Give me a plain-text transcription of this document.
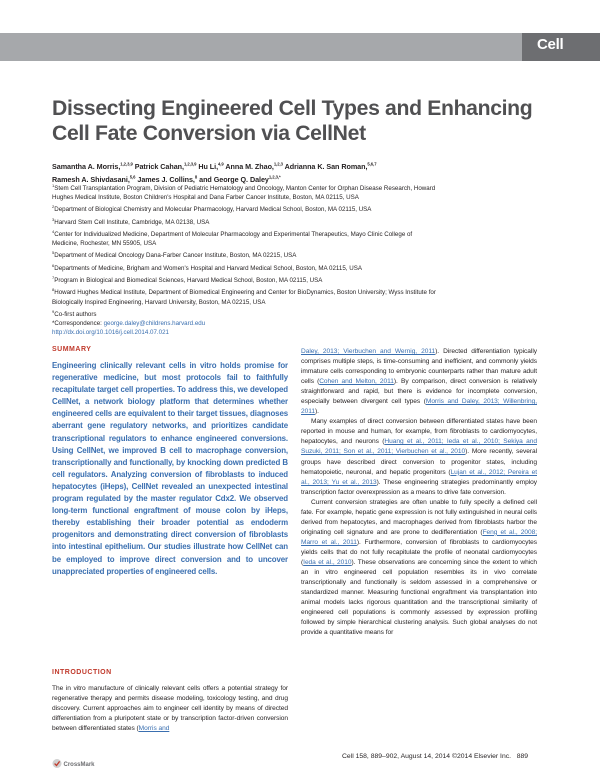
Cell
Dissecting Engineered Cell Types and Enhancing Cell Fate Conversion via CellNet
Samantha A. Morris,$^{1,2,3,9}$ Patrick Cahan,$^{1,2,3,9}$ Hu Li,$^{4,9}$ Anna M. Zhao,$^{1,2,3}$ Adrianna K. San Roman,$^{5,6,7}$
Ramesh A. Shivdasani,$^{5,6}$ James J. Collins,$^8$ and George Q. Daley$^{1,2,3,*}$
$^1$Stem Cell Transplantation Program, Division of Pediatric Hematology and Oncology, Manton Center for Orphan Disease Research, Howard
Hughes Medical Institute, Boston Children's Hospital and Dana Farber Cancer Institute, Boston, MA 02115, USA
$^2$Department of Biological Chemistry and Molecular Pharmacology, Harvard Medical School, Boston, MA 02115, USA
$^3$Harvard Stem Cell Institute, Cambridge, MA 02138, USA
$^4$Center for Individualized Medicine, Department of Molecular Pharmacology and Experimental Therapeutics, Mayo Clinic College of
Medicine, Rochester, MN 55905, USA
$^5$Department of Medical Oncology Dana-Farber Cancer Institute, Boston, MA 02215, USA
$^6$Departments of Medicine, Brigham and Women's Hospital and Harvard Medical School, Boston, MA 02115, USA
$^7$Program in Biological and Biomedical Sciences, Harvard Medical School, Boston, MA 02115, USA
$^8$Howard Hughes Medical Institute, Department of Biomedical Engineering and Center for BioDynamics, Boston University; Wyss Institute for
Biologically Inspired Engineering, Harvard University, Boston, MA 02215, USA
$^9$Co-first authors
*Correspondence: george.daley@childrens.harvard.edu
http://dx.doi.org/10.1016/j.cell.2014.07.021
SUMMARY
Engineering clinically relevant cells in vitro holds promise for regenerative medicine, but most protocols fail to faithfully recapitulate target cell properties. To address this, we developed CellNet, a network biology platform that determines whether engineered cells are equivalent to their target tissues, diagnoses aberrant gene regulatory networks, and prioritizes candidate transcriptional regulators to enhance engineered conversions. Using CellNet, we improved B cell to macrophage conversion, transcriptionally and functionally, by knocking down predicted B cell regulators. Analyzing conversion of fibroblasts to induced hepatocytes (iHeps), CellNet revealed an unexpected intestinal program regulated by the master regulator Cdx2. We observed long-term functional engraftment of mouse colon by iHeps, thereby establishing their broader potential as endoderm progenitors and demonstrating direct conversion of fibroblasts into intestinal epithelium. Our studies illustrate how CellNet can be employed to improve direct conversion and to uncover unappreciated properties of engineered cells.
INTRODUCTION
The in vitro manufacture of clinically relevant cells offers a potential strategy for regenerative therapy and permits disease modeling, toxicology testing, and drug discovery. Current approaches aim to engineer cell identity by means of directed differentiation from a pluripotent state or by transcription factor-driven conversion between differentiated states (Morris and

Daley, 2013; Vierbuchen and Wernig, 2011). Directed differentiation typically comprises multiple steps, is time-consuming and inefficient, and commonly yields immature cells corresponding to embryonic counterparts rather than mature adult cells (Cohen and Melton, 2011). By comparison, direct conversion is relatively straightforward and rapid, but there is evidence for incomplete conversion, especially between divergent cell types (Morris and Daley, 2013; Willenbring, 2011).

Many examples of direct conversion between differentiated states have been reported in mouse and human, for example, from fibroblasts to cardiomyocytes, hepatocytes, and neurons (Huang et al., 2011; Ieda et al., 2010; Sekiya and Suzuki, 2011; Son et al., 2011; Vierbuchen et al., 2010). More recently, several groups have described direct conversion to progenitor states, including hematopoietic, neuronal, and hepatic progenitors (Lujan et al., 2012; Pereira et al., 2013; Yu et al., 2013). These engineering strategies predominantly employ transcription factor overexpression as a means to drive fate conversion.

Current conversion strategies are often unable to fully specify a defined cell fate. For example, hepatic gene expression is not fully extinguished in neural cells derived from hepatocytes, and macrophages derived from fibroblasts harbor the originating cell signature and are prone to dedifferentiation (Feng et al., 2008; Marro et al., 2011). Furthermore, conversion of fibroblasts to cardiomyocytes yields cells that do not fully recapitulate the profile of neonatal cardiomyocytes (Ieda et al., 2010). These observations are concerning since the extent to which an in vitro engineered cell population resembles its in vivo correlate transcriptionally and functionally is seldom assessed in a comprehensive or standardized manner. Measuring functional engraftment via transplantation into animal models lacks rigorous quantitation and the transcriptional similarity of engineered cell populations is commonly assessed by expression profiling followed by simple hierarchical clustering analysis. Such global analyses do not provide a quantitative means for

CrossMark
Cell 158, 889–902, August 14, 2014 ©2014 Elsevier Inc. 889
